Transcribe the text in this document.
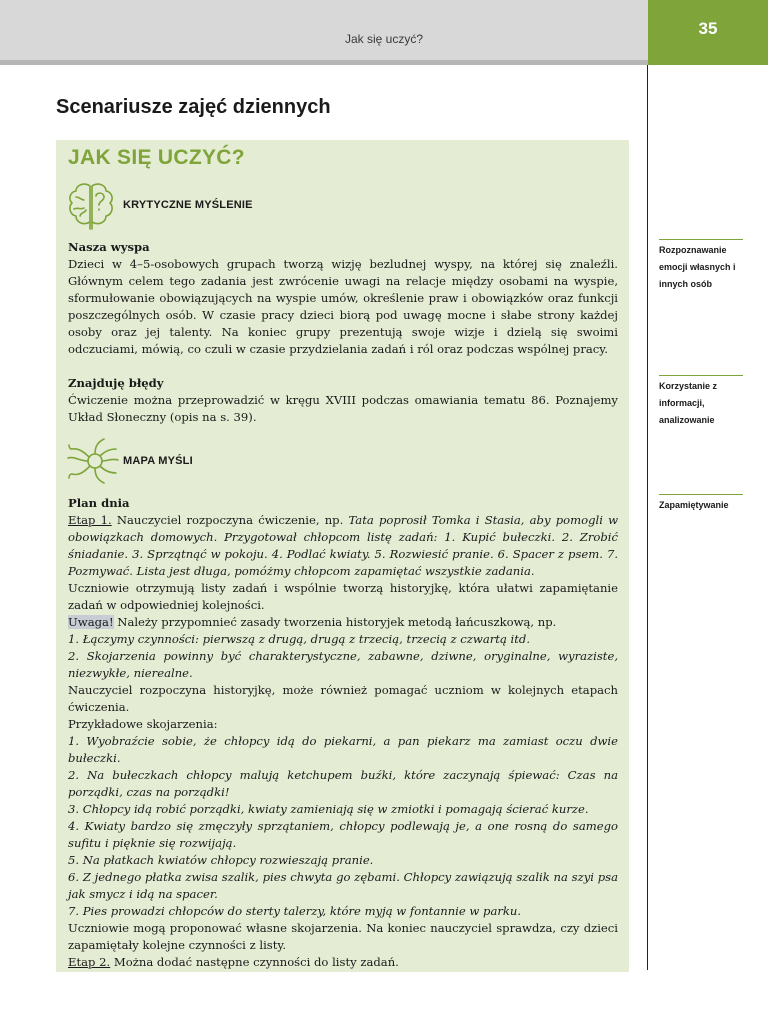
Jak się uczyć?
35
Scenariusze zajęć dziennych
JAK SIĘ UCZYĆ?
KRYTYCZNE MYŚLENIE

Nasza wyspa

Dzieci w 4–5-osobowych grupach tworzą wizję bezludnej wyspy, na której się znaleźli. Głównym celem tego zadania jest zwrócenie uwagi na relacje między osobami na wyspie, sformułowanie obowiązujących na wyspie umów, określenie praw i obowiązków oraz funkcji poszczególnych osób. W czasie pracy dzieci biorą pod uwagę mocne i słabe strony każdej osoby oraz jej talenty. Na koniec grupy prezentują swoje wizje i dzielą się swoimi odczuciami, mówią, co czuli w czasie przydzielania zadań i ról oraz podczas wspólnej pracy.

Znajduję błędy

Ćwiczenie można przeprowadzić w kręgu XVIII podczas omawiania tematu 86. Poznajemy Układ Słoneczny (opis na s. 39).

MAPA MYŚLI

Plan dnia

Etap 1. Nauczyciel rozpoczyna ćwiczenie, np. Tata poprosił Tomka i Stasia, aby pomogli w obowiązkach domowych. Przygotował chłopcom listę zadań: 1. Kupić bułeczki. 2. Zrobić śniadanie. 3. Sprzątnąć w pokoju. 4. Podlać kwiaty. 5. Rozwiesić pranie. 6. Spacer z psem. 7. Pozmywać. Lista jest długa, pomóżmy chłopcom zapamiętać wszystkie zadania.

Uczniowie otrzymują listy zadań i wspólnie tworzą historyjkę, która ułatwi zapamiętanie zadań w odpowiedniej kolejności.

Uwaga! Należy przypomnieć zasady tworzenia historyjek metodą łańcuszkową, np.

1. Łączymy czynności: pierwszą z drugą, drugą z trzecią, trzecią z czwartą itd.

2. Skojarzenia powinny być charakterystyczne, zabawne, dziwne, oryginalne, wyraziste, niezwykłe, nierealne.

Nauczyciel rozpoczyna historyjkę, może również pomagać uczniom w kolejnych etapach ćwiczenia.

Przykładowe skojarzenia:

1. Wyobraźcie sobie, że chłopcy idą do piekarni, a pan piekarz ma zamiast oczu dwie bułeczki.

2. Na bułeczkach chłopcy malują ketchupem buźki, które zaczynają śpiewać: Czas na porządki, czas na porządki!

3. Chłopcy idą robić porządki, kwiaty zamieniają się w zmiotki i pomagają ścierać kurze.

4. Kwiaty bardzo się zmęczyły sprzątaniem, chłopcy podlewają je, a one rosną do samego sufitu i pięknie się rozwijają.

5. Na płatkach kwiatów chłopcy rozwieszają pranie.

6. Z jednego płatka zwisa szalik, pies chwyta go zębami. Chłopcy zawiązują szalik na szyi psa jak smycz i idą na spacer.

7. Pies prowadzi chłopców do sterty talerzy, które myją w fontannie w parku.

Uczniowie mogą proponować własne skojarzenia. Na koniec nauczyciel sprawdza, czy dzieci zapamiętały kolejne czynności z listy.

Etap 2. Można dodać następne czynności do listy zadań.

Rozpoznawanie emocji własnych i innych osób
Korzystanie z informacji, analizowanie
Zapamiętywanie
